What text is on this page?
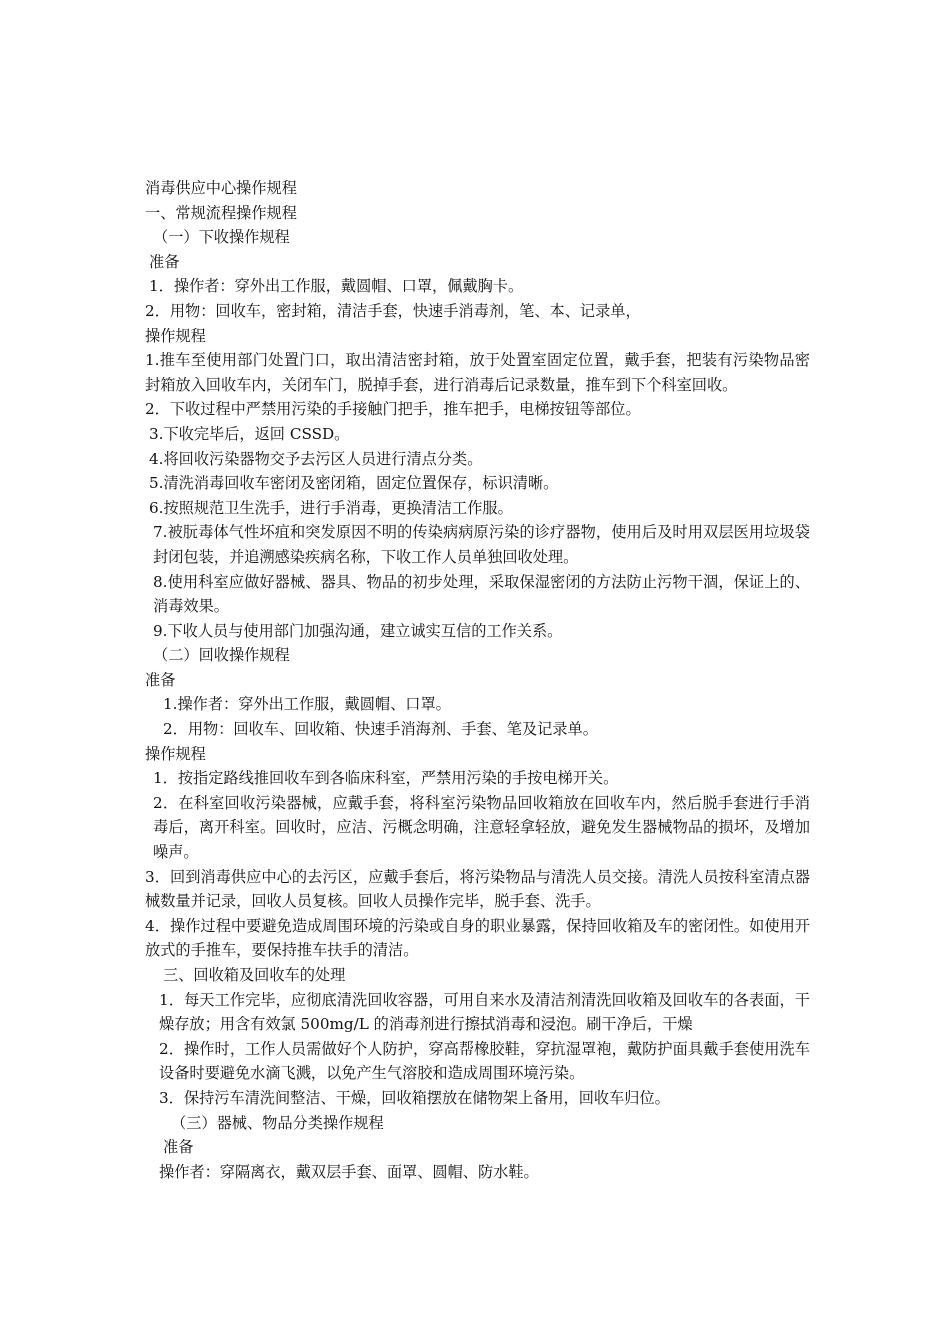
消毒供应中心操作规程

一、常规流程操作规程

（一）下收操作规程

准备

1．操作者：穿外出工作服，戴圆帽、口罩，佩戴胸卡。

2．用物：回收车，密封箱，清洁手套，快速手消毒剂，笔、本、记录单，

操作规程

1.推车至使用部门处置门口，取出清洁密封箱，放于处置室固定位置，戴手套，把装有污染物品密封箱放入回收车内，关闭车门，脱掉手套，进行消毒后记录数量，推车到下个科室回收。

2．下收过程中严禁用污染的手接触门把手，推车把手，电梯按钮等部位。

3.下收完毕后，返回 CSSD。

4.将回收污染器物交予去污区人员进行清点分类。

5.清洗消毒回收车密闭及密闭箱，固定位置保存，标识清晰。

6.按照规范卫生洗手，进行手消毒，更换清洁工作服。

7.被朊毒体气性坏疽和突发原因不明的传染病病原污染的诊疗器物，使用后及时用双层医用垃圾袋封闭包装，并追溯感染疾病名称，下收工作人员单独回收处理。

8.使用科室应做好器械、器具、物品的初步处理，采取保湿密闭的方法防止污物干涸，保证上的、消毒效果。

9.下收人员与使用部门加强沟通，建立诚实互信的工作关系。

（二）回收操作规程

准备

1.操作者：穿外出工作服，戴圆帽、口罩。

2．用物：回收车、回收箱、快速手消海剂、手套、笔及记录单。

操作规程

1．按指定路线推回收车到各临床科室，严禁用污染的手按电梯开关。

2．在科室回收污染器械，应戴手套，将科室污染物品回收箱放在回收车内，然后脱手套进行手消毒后，离开科室。回收时，应洁、污概念明确，注意轻拿轻放，避免发生器械物品的损坏，及增加噪声。

3．回到消毒供应中心的去污区，应戴手套后，将污染物品与清洗人员交接。清洗人员按科室清点器械数量并记录，回收人员复核。回收人员操作完毕，脱手套、洗手。

4．操作过程中要避免造成周围环境的污染或自身的职业暴露，保持回收箱及车的密闭性。如使用开放式的手推车，要保持推车扶手的清洁。

三、回收箱及回收车的处理

1．每天工作完毕，应彻底清洗回收容器，可用自来水及清洁剂清洗回收箱及回收车的各表面，干燥存放；用含有效氯 500mg/L 的消毒剂进行擦拭消毒和浸泡。刷干净后，干燥

2．操作时，工作人员需做好个人防护，穿高帮橡胶鞋，穿抗湿罩袍，戴防护面具戴手套使用洗车设备时要避免水滴飞溅，以免产生气溶胶和造成周围环境污染。

3．保持污车清洗间整洁、干燥，回收箱摆放在储物架上备用，回收车归位。

（三）器械、物品分类操作规程

准备

操作者：穿隔离衣，戴双层手套、面罩、圆帽、防水鞋。
